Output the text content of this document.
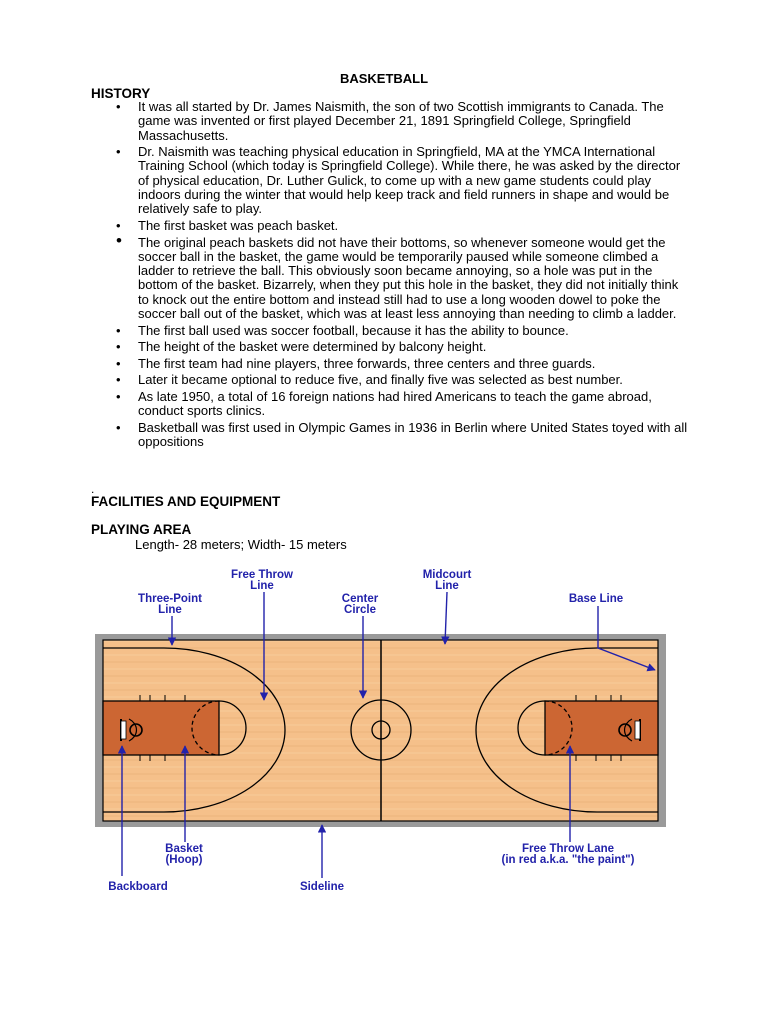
BASKETBALL
HISTORY
• It was all started by Dr. James Naismith, the son of two Scottish immigrants to Canada. The game was invented or first played December 21, 1891 Springfield College, Springfield Massachusetts.
• Dr. Naismith was teaching physical education in Springfield, MA at the YMCA International Training School (which today is Springfield College). While there, he was asked by the director of physical education, Dr. Luther Gulick, to come up with a new game students could play indoors during the winter that would help keep track and field runners in shape and would be relatively safe to play.
• The first basket was peach basket.
• The original peach baskets did not have their bottoms, so whenever someone would get the soccer ball in the basket, the game would be temporarily paused while someone climbed a ladder to retrieve the ball. This obviously soon became annoying, so a hole was put in the bottom of the basket. Bizarrely, when they put this hole in the basket, they did not initially think to knock out the entire bottom and instead still had to use a long wooden dowel to poke the soccer ball out of the basket, which was at least less annoying than needing to climb a ladder.
• The first ball used was soccer football, because it has the ability to bounce.
• The height of the basket were determined by balcony height.
• The first team had nine players, three forwards, three centers and three guards.
• Later it became optional to reduce five, and finally five was selected as best number.
• As late 1950, a total of 16 foreign nations had hired Americans to teach the game abroad, conduct sports clinics.
• Basketball was first used in Olympic Games in 1936 in Berlin where United States toyed with all oppositions
.
FACILITIES AND EQUIPMENT
PLAYING AREA
Length- 28 meters; Width- 15 meters
Free Throw
Line
Three-Point
Line
Center
Circle
Midcourt
Line
Base Line
Basket
(Hoop)
Backboard	Sideline
Free Throw Lane
(in red a.k.a. "the paint")
